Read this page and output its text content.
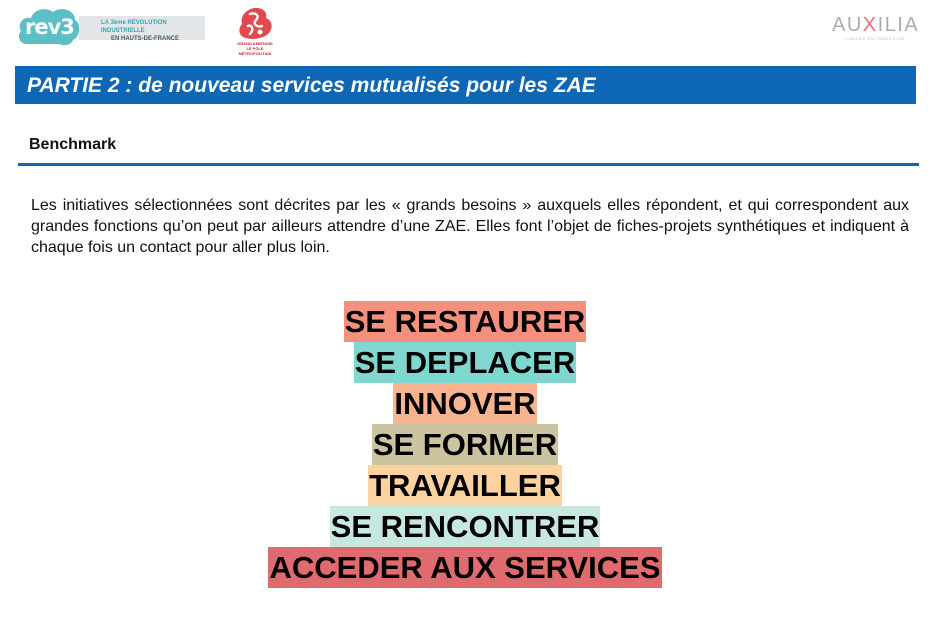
rev3	LA 3ème RÉVOLUTION INDUSTRIELLE
EN HAUTS-DE-FRANCE
GRAND AMIÉNOIS
LE PÔLE MÉTROPOLITAIN
AUXILIA
CONSEIL EN TRANSITION
PARTIE 2 : de nouveau services mutualisés pour les ZAE
Benchmark

Les initiatives sélectionnées sont décrites par les « grands besoins » auxquels elles répondent, et qui correspondent aux grandes fonctions qu’on peut par ailleurs attendre d’une ZAE. Elles font l’objet de fiches-projets synthétiques et indiquent à chaque fois un contact pour aller plus loin.

SE RESTAURER
SE DEPLACER
INNOVER
SE FORMER
TRAVAILLER
SE RENCONTRER
ACCEDER AUX SERVICES
